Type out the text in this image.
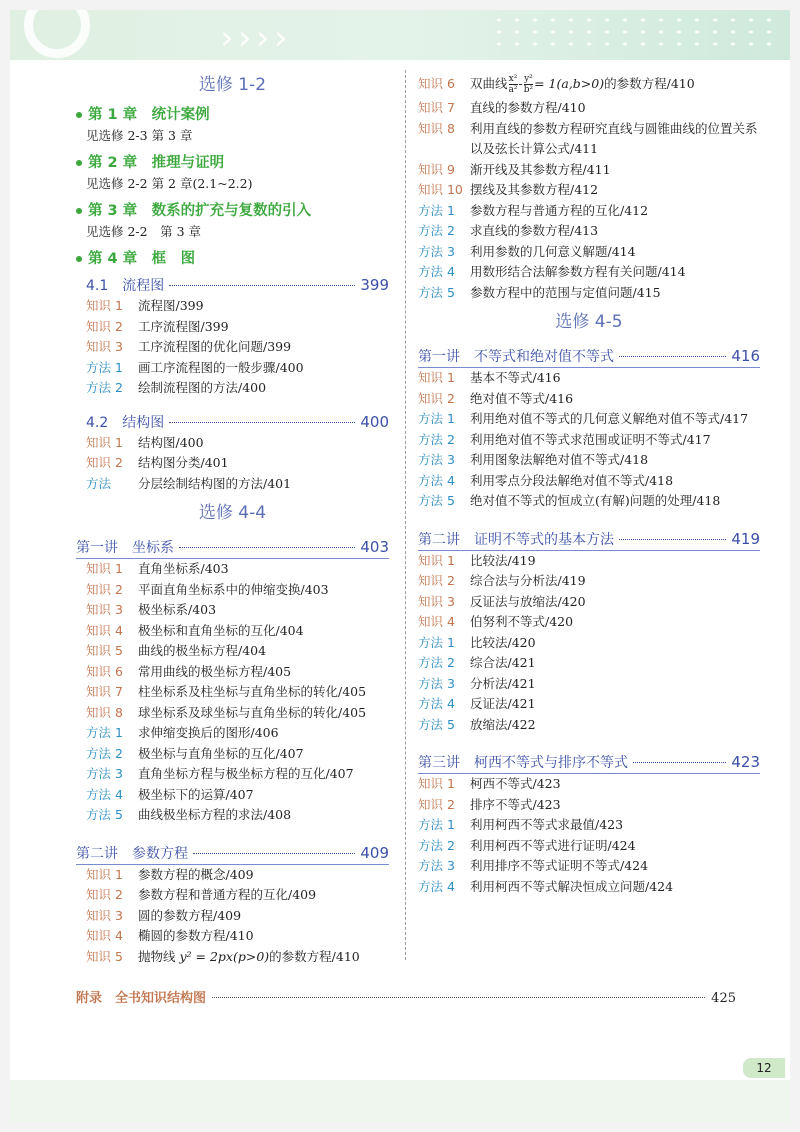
› › › ›
选修 1-2
第 1 章　统计案例
见选修 2-3 第 3 章
第 2 章　推理与证明
见选修 2-2 第 2 章(2.1~2.2)
第 3 章　数系的扩充与复数的引入
见选修 2-2　第 3 章
第 4 章　框　图
4.1　流程图	399
知识 1	流程图/399
知识 2	工序流程图/399
知识 3	工序流程图的优化问题/399
方法 1	画工序流程图的一般步骤/400
方法 2	绘制流程图的方法/400
4.2　结构图	400
知识 1	结构图/400
知识 2	结构图分类/401
方法	分层绘制结构图的方法/401
选修 4-4
第一讲　坐标系	403
知识 1	直角坐标系/403
知识 2	平面直角坐标系中的伸缩变换/403
知识 3	极坐标系/403
知识 4	极坐标和直角坐标的互化/404
知识 5	曲线的极坐标方程/404
知识 6	常用曲线的极坐标方程/405
知识 7	柱坐标系及柱坐标与直角坐标的转化/405
知识 8	球坐标系及球坐标与直角坐标的转化/405
方法 1	求伸缩变换后的图形/406
方法 2	极坐标与直角坐标的互化/407
方法 3	直角坐标方程与极坐标方程的互化/407
方法 4	极坐标下的运算/407
方法 5	曲线极坐标方程的求法/408
第二讲　参数方程	409
知识 1	参数方程的概念/409
知识 2	参数方程和普通方程的互化/409
知识 3	圆的参数方程/409
知识 4	椭圆的参数方程/410
知识 5	抛物线 y² = 2px(p>0)的参数方程/410
知识 6	双曲线 $\frac{\text{x²}}{\text{a²}} - \frac{\text{y²}}{\text{b²}} = 1(a,b>0)$的参数方程/410
知识 7	直线的参数方程/410
知识 8	利用直线的参数方程研究直线与圆锥曲线的位置关系以及弦长计算公式/411
知识 9	渐开线及其参数方程/411
知识 10 摆线及其参数方程/412
方法 1	参数方程与普通方程的互化/412
方法 2	求直线的参数方程/413
方法 3	利用参数的几何意义解题/414
方法 4	用数形结合法解参数方程有关问题/414
方法 5	参数方程中的范围与定值问题/415
选修 4-5
第一讲　不等式和绝对值不等式	416
知识 1	基本不等式/416
知识 2	绝对值不等式/416
方法 1	利用绝对值不等式的几何意义解绝对值不等式/417
方法 2	利用绝对值不等式求范围或证明不等式/417
方法 3	利用图象法解绝对值不等式/418
方法 4	利用零点分段法解绝对值不等式/418
方法 5	绝对值不等式的恒成立(有解)问题的处理/418
第二讲　证明不等式的基本方法	419
知识 1	比较法/419
知识 2	综合法与分析法/419
知识 3	反证法与放缩法/420
知识 4	伯努利不等式/420
方法 1	比较法/420
方法 2	综合法/421
方法 3	分析法/421
方法 4	反证法/421
方法 5	放缩法/422
第三讲　柯西不等式与排序不等式	423
知识 1	柯西不等式/423
知识 2	排序不等式/423
方法 1	利用柯西不等式求最值/423
方法 2	利用柯西不等式进行证明/424
方法 3	利用排序不等式证明不等式/424
方法 4	利用柯西不等式解决恒成立问题/424
附录　全书知识结构图	425
12
